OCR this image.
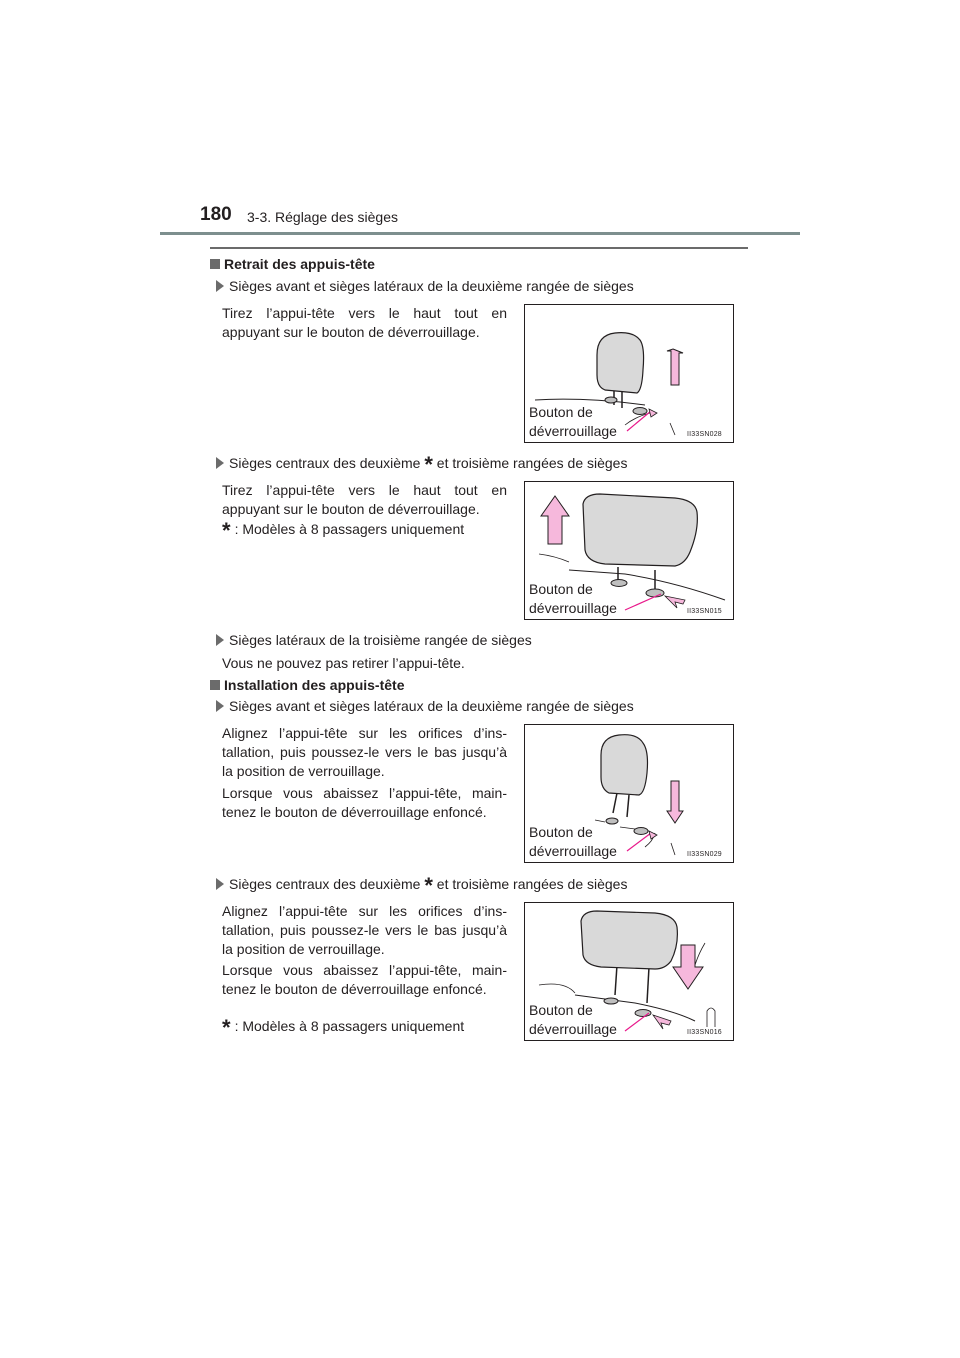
180 3-3. Réglage des sièges
Retrait des appuis-tête
Sièges avant et sièges latéraux de la deuxième rangée de sièges
Tirez l’appui-tête vers le haut tout en appuyant sur le bouton de déverrouillage.
Bouton de
déverrouillage	II33SN028
Sièges centraux des deuxième * et troisième rangées de sièges
Tirez l’appui-tête vers le haut tout en appuyant sur le bouton de déverrouillage.
* : Modèles à 8 passagers uniquement
Bouton de
déverrouillage	II33SN015
Sièges latéraux de la troisième rangée de sièges
Vous ne pouvez pas retirer l’appui-tête.
Installation des appuis-tête
Sièges avant et sièges latéraux de la deuxième rangée de sièges
Alignez l’appui-tête sur les orifices d’ins-tallation, puis poussez-le vers le bas jusqu’à la position de verrouillage.
Lorsque vous abaissez l’appui-tête, main-tenez le bouton de déverrouillage enfoncé.
Bouton de
déverrouillage	II33SN029
Sièges centraux des deuxième * et troisième rangées de sièges
Alignez l’appui-tête sur les orifices d’ins-tallation, puis poussez-le vers le bas jusqu’à la position de verrouillage.
Lorsque vous abaissez l’appui-tête, main-tenez le bouton de déverrouillage enfoncé.
* : Modèles à 8 passagers uniquement
Bouton de
déverrouillage	II33SN016
